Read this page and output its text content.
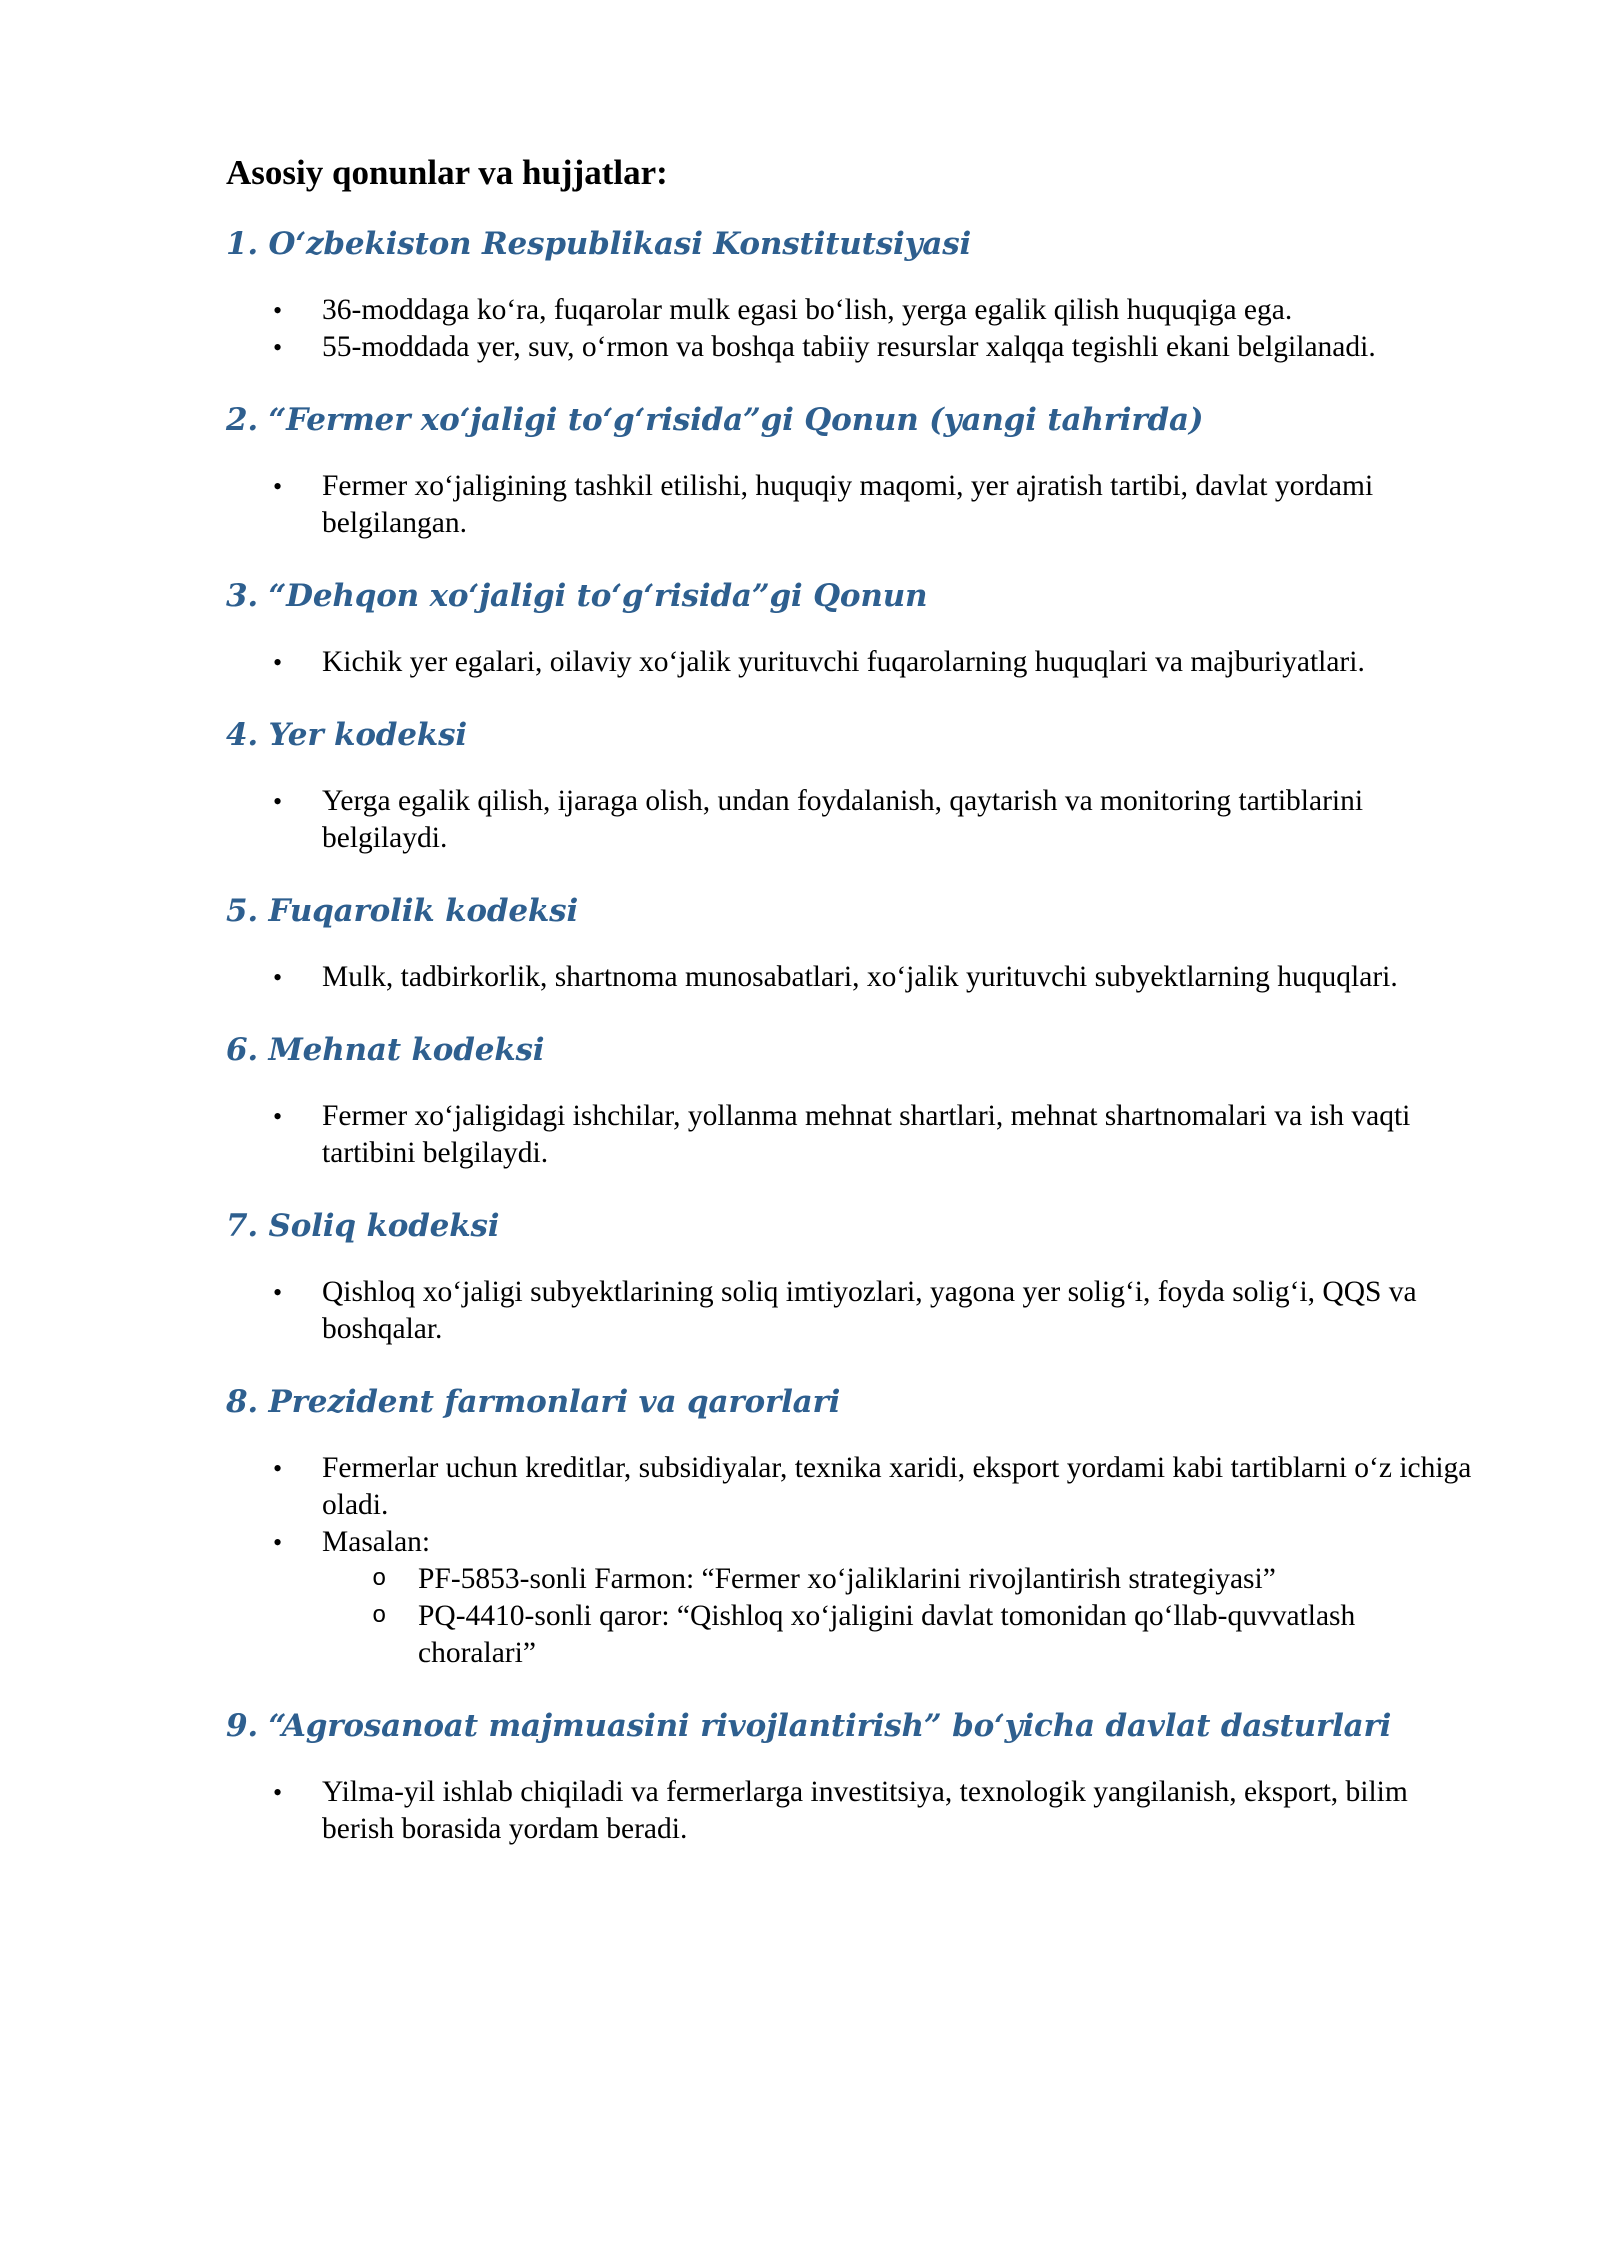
Asosiy qonunlar va hujjatlar:
1. O‘zbekiston Respublikasi Konstitutsiyasi
• 36-moddaga ko‘ra, fuqarolar mulk egasi bo‘lish, yerga egalik qilish huquqiga ega.
• 55-moddada yer, suv, o‘rmon va boshqa tabiiy resurslar xalqqa tegishli ekani belgilanadi.
2. “Fermer xo‘jaligi to‘g‘risida”gi Qonun (yangi tahrirda)
• Fermer xo‘jaligining tashkil etilishi, huquqiy maqomi, yer ajratish tartibi, davlat yordami belgilangan.
3. “Dehqon xo‘jaligi to‘g‘risida”gi Qonun
• Kichik yer egalari, oilaviy xo‘jalik yurituvchi fuqarolarning huquqlari va majburiyatlari.
4. Yer kodeksi
• Yerga egalik qilish, ijaraga olish, undan foydalanish, qaytarish va monitoring tartiblarini belgilaydi.
5. Fuqarolik kodeksi
• Mulk, tadbirkorlik, shartnoma munosabatlari, xo‘jalik yurituvchi subyektlarning huquqlari.
6. Mehnat kodeksi
• Fermer xo‘jaligidagi ishchilar, yollanma mehnat shartlari, mehnat shartnomalari va ish vaqti tartibini belgilaydi.
7. Soliq kodeksi
• Qishloq xo‘jaligi subyektlarining soliq imtiyozlari, yagona yer solig‘i, foyda solig‘i, QQS va boshqalar.
8. Prezident farmonlari va qarorlari
• Fermerlar uchun kreditlar, subsidiyalar, texnika xaridi, eksport yordami kabi tartiblarni o‘z ichiga oladi.
• Masalan:
o PF-5853-sonli Farmon: “Fermer xo‘jaliklarini rivojlantirish strategiyasi”
o PQ-4410-sonli qaror: “Qishloq xo‘jaligini davlat tomonidan qo‘llab-quvvatlash choralari”
9. “Agrosanoat majmuasini rivojlantirish” bo‘yicha davlat dasturlari
• Yilma-yil ishlab chiqiladi va fermerlarga investitsiya, texnologik yangilanish, eksport, bilim berish borasida yordam beradi.
